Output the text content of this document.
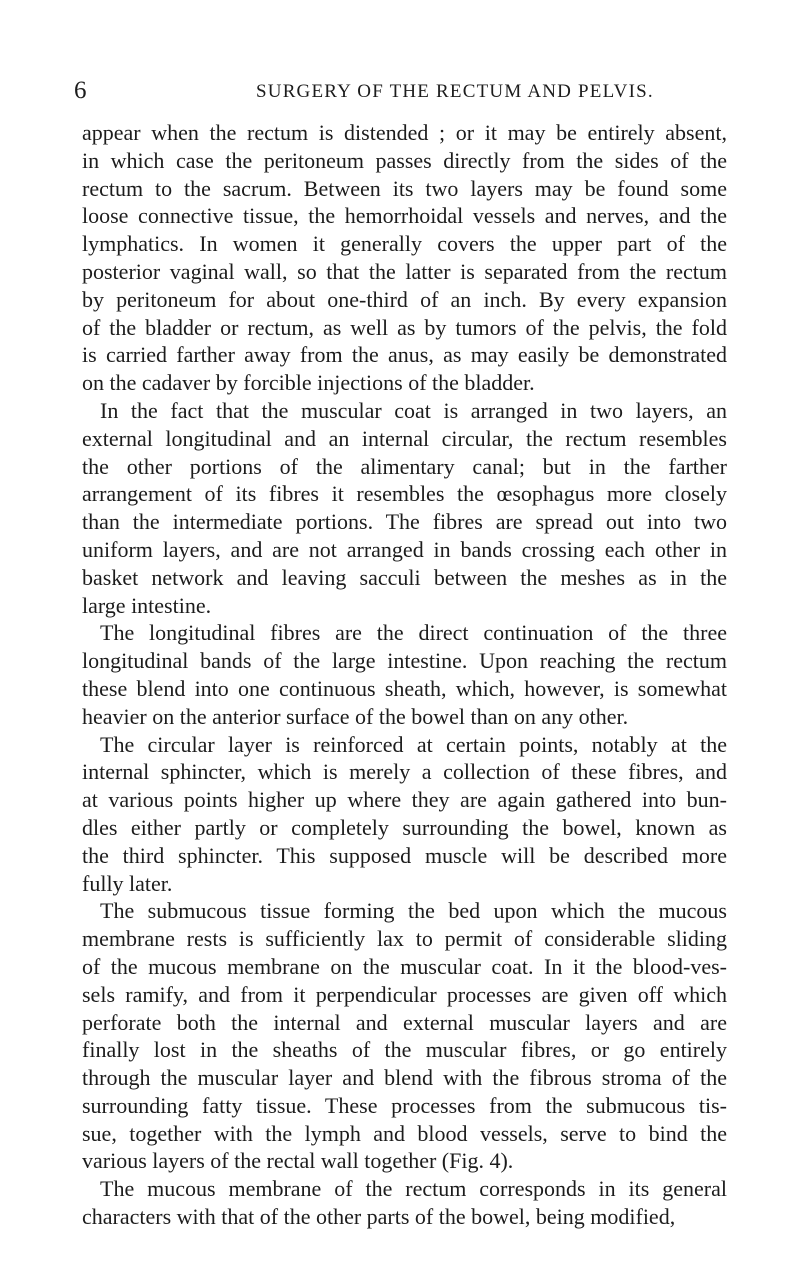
6	SURGERY OF THE RECTUM AND PELVIS.
appear when the rectum is distended ; or it may be entirely absent,
in which case the peritoneum passes directly from the sides of the
rectum to the sacrum. Between its two layers may be found some
loose connective tissue, the hemorrhoidal vessels and nerves, and the
lymphatics. In women it generally covers the upper part of the
posterior vaginal wall, so that the latter is separated from the rectum
by peritoneum for about one-third of an inch. By every expansion
of the bladder or rectum, as well as by tumors of the pelvis, the fold
is carried farther away from the anus, as may easily be demonstrated
on the cadaver by forcible injections of the bladder.
In the fact that the muscular coat is arranged in two layers, an
external longitudinal and an internal circular, the rectum resembles
the other portions of the alimentary canal; but in the farther
arrangement of its fibres it resembles the œsophagus more closely
than the intermediate portions. The fibres are spread out into two
uniform layers, and are not arranged in bands crossing each other in
basket network and leaving sacculi between the meshes as in the
large intestine.
The longitudinal fibres are the direct continuation of the three
longitudinal bands of the large intestine. Upon reaching the rectum
these blend into one continuous sheath, which, however, is somewhat
heavier on the anterior surface of the bowel than on any other.
The circular layer is reinforced at certain points, notably at the
internal sphincter, which is merely a collection of these fibres, and
at various points higher up where they are again gathered into bun-
dles either partly or completely surrounding the bowel, known as
the third sphincter. This supposed muscle will be described more
fully later.
The submucous tissue forming the bed upon which the mucous
membrane rests is sufficiently lax to permit of considerable sliding
of the mucous membrane on the muscular coat. In it the blood-ves-
sels ramify, and from it perpendicular processes are given off which
perforate both the internal and external muscular layers and are
finally lost in the sheaths of the muscular fibres, or go entirely
through the muscular layer and blend with the fibrous stroma of the
surrounding fatty tissue. These processes from the submucous tis-
sue, together with the lymph and blood vessels, serve to bind the
various layers of the rectal wall together (Fig. 4).
The mucous membrane of the rectum corresponds in its general
characters with that of the other parts of the bowel, being modified,
